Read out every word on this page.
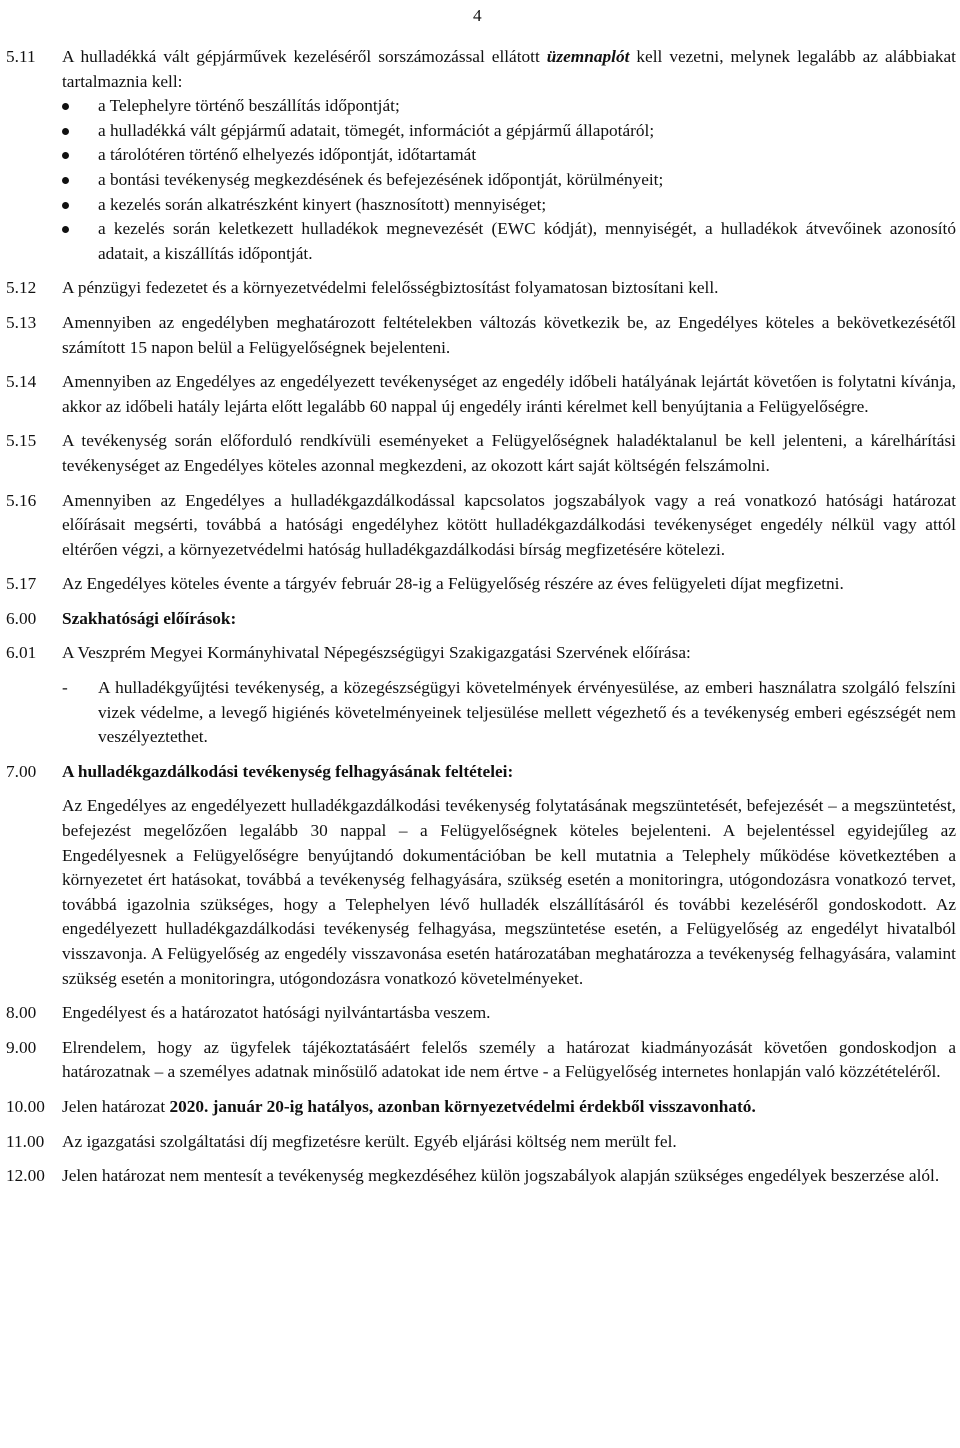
4
5.11	A hulladékká vált gépjárművek kezeléséről sorszámozással ellátott üzemnaplót kell vezetni, melynek legalább az alábbiakat tartalmaznia kell:
a Telephelyre történő beszállítás időpontját;
a hulladékká vált gépjármű adatait, tömegét, információt a gépjármű állapotáról;
a tárolótéren történő elhelyezés időpontját, időtartamát
a bontási tevékenység megkezdésének és befejezésének időpontját, körülményeit;
a kezelés során alkatrészként kinyert (hasznosított) mennyiséget;
a kezelés során keletkezett hulladékok megnevezését (EWC kódját), mennyiségét, a hulladékok átvevőinek azonosító adatait, a kiszállítás időpontját.
5.12	A pénzügyi fedezetet és a környezetvédelmi felelősségbiztosítást folyamatosan biztosítani kell.
5.13	Amennyiben az engedélyben meghatározott feltételekben változás következik be, az Engedélyes köteles a bekövetkezésétől számított 15 napon belül a Felügyelőségnek bejelenteni.
5.14	Amennyiben az Engedélyes az engedélyezett tevékenységet az engedély időbeli hatályának lejártát követően is folytatni kívánja, akkor az időbeli hatály lejárta előtt legalább 60 nappal új engedély iránti kérelmet kell benyújtania a Felügyelőségre.
5.15	A tevékenység során előforduló rendkívüli eseményeket a Felügyelőségnek haladéktalanul be kell jelenteni, a kárelhárítási tevékenységet az Engedélyes köteles azonnal megkezdeni, az okozott kárt saját költségén felszámolni.
5.16	Amennyiben az Engedélyes a hulladékgazdálkodással kapcsolatos jogszabályok vagy a reá vonatkozó hatósági határozat előírásait megsérti, továbbá a hatósági engedélyhez kötött hulladékgazdálkodási tevékenységet engedély nélkül vagy attól eltérően végzi, a környezetvédelmi hatóság hulladékgazdálkodási bírság megfizetésére kötelezi.
5.17	Az Engedélyes köteles évente a tárgyév február 28-ig a Felügyelőség részére az éves felügyeleti díjat megfizetni.
6.00	Szakhatósági előírások:
6.01	A Veszprém Megyei Kormányhivatal Népegészségügyi Szakigazgatási Szervének előírása:
- A hulladékgyűjtési tevékenység, a közegészségügyi követelmények érvényesülése, az emberi használatra szolgáló felszíni vizek védelme, a levegő higiénés követelményeinek teljesülése mellett végezhető és a tevékenység emberi egészségét nem veszélyeztethet.
7.00	A hulladékgazdálkodási tevékenység felhagyásának feltételei:
Az Engedélyes az engedélyezett hulladékgazdálkodási tevékenység folytatásának megszüntetését, befejezését – a megszüntetést, befejezést megelőzően legalább 30 nappal – a Felügyelőségnek köteles bejelenteni. A bejelentéssel egyidejűleg az Engedélyesnek a Felügyelőségre benyújtandó dokumentációban be kell mutatnia a Telephely működése következtében a környezetet ért hatásokat, továbbá a tevékenység felhagyására, szükség esetén a monitoringra, utógondozásra vonatkozó tervet, továbbá igazolnia szükséges, hogy a Telephelyen lévő hulladék elszállításáról és további kezeléséről gondoskodott. Az engedélyezett hulladékgazdálkodási tevékenység felhagyása, megszüntetése esetén, a Felügyelőség az engedélyt hivatalból visszavonja. A Felügyelőség az engedély visszavonása esetén határozatában meghatározza a tevékenység felhagyására, valamint szükség esetén a monitoringra, utógondozásra vonatkozó követelményeket.
8.00	Engedélyest és a határozatot hatósági nyilvántartásba veszem.
9.00	Elrendelem, hogy az ügyfelek tájékoztatásáért felelős személy a határozat kiadmányozását követően gondoskodjon a határozatnak – a személyes adatnak minősülő adatokat ide nem értve - a Felügyelőség internetes honlapján való közzétételéről.
10.00 Jelen határozat 2020. január 20-ig hatályos, azonban környezetvédelmi érdekből visszavonható.
11.00	Az igazgatási szolgáltatási díj megfizetésre került. Egyéb eljárási költség nem merült fel.
12.00 Jelen határozat nem mentesít a tevékenység megkezdéséhez külön jogszabályok alapján szükséges engedélyek beszerzése alól.
